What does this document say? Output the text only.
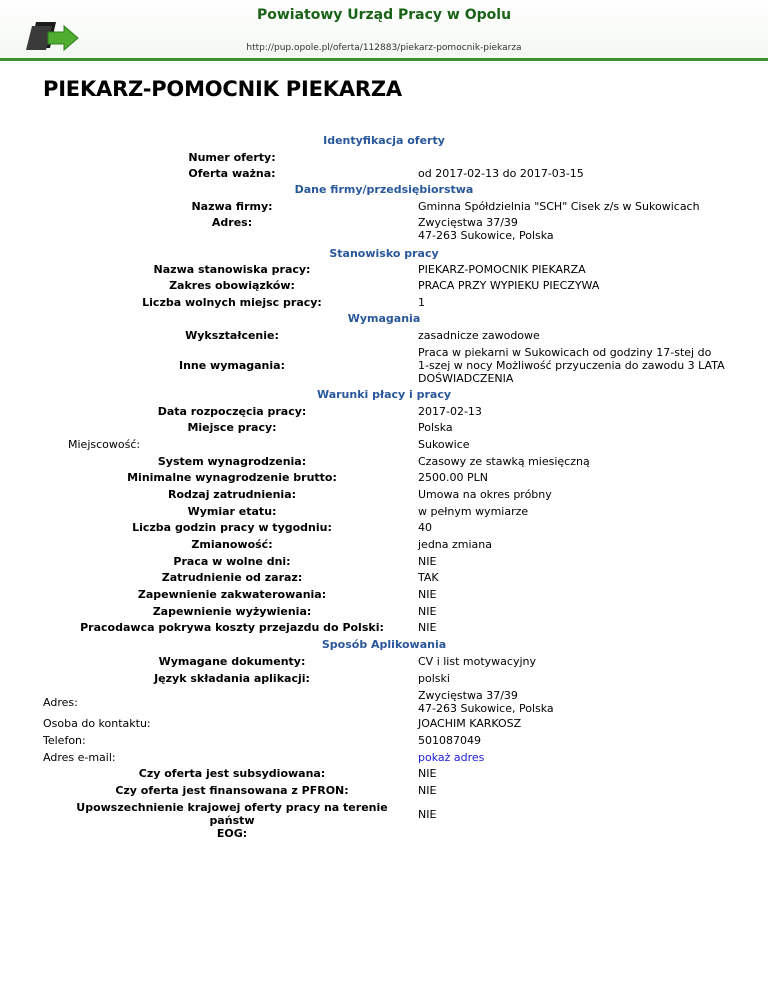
Powiatowy Urząd Pracy w Opolu
http://pup.opole.pl/oferta/112883/piekarz-pomocnik-piekarza
PIEKARZ-POMOCNIK PIEKARZA
Identyfikacja oferty
Numer oferty:
Oferta ważna:	od 2017-02-13 do 2017-03-15
Dane firmy/przedsiębiorstwa
Nazwa firmy:	Gminna Spółdzielnia "SCH" Cisek z/s w Sukowicach
Adres:	Zwycięstwa 37/39
47-263 Sukowice, Polska
Stanowisko pracy
Nazwa stanowiska pracy:	PIEKARZ-POMOCNIK PIEKARZA
Zakres obowiązków:	PRACA PRZY WYPIEKU PIECZYWA
Liczba wolnych miejsc pracy:	1
Wymagania
Wykształcenie:	zasadnicze zawodowe
Inne wymagania:
Praca w piekarni w Sukowicach od godziny 17-stej do
1-szej w nocy Możliwość przyuczenia do zawodu 3 LATA
DOŚWIADCZENIA
Warunki płacy i pracy
Data rozpoczęcia pracy:	2017-02-13
Miejsce pracy:	Polska
Miejscowość:	Sukowice
System wynagrodzenia:	Czasowy ze stawką miesięczną
Minimalne wynagrodzenie brutto:	2500.00 PLN
Rodzaj zatrudnienia:	Umowa na okres próbny
Wymiar etatu:	w pełnym wymiarze
Liczba godzin pracy w tygodniu:	40
Zmianowość:	jedna zmiana
Praca w wolne dni:	NIE
Zatrudnienie od zaraz:	TAK
Zapewnienie zakwaterowania:	NIE
Zapewnienie wyżywienia:	NIE
Pracodawca pokrywa koszty przejazdu do Polski:	NIE
Sposób Aplikowania
Wymagane dokumenty:	CV i list motywacyjny
Język składania aplikacji:	polski
Adres:
Zwycięstwa 37/39
47-263 Sukowice, Polska
Osoba do kontaktu:	JOACHIM KARKOSZ
Telefon:	501087049
Adres e-mail:	pokaż adres
Czy oferta jest subsydiowana:	NIE
Czy oferta jest finansowana z PFRON:	NIE
Upowszechnienie krajowej oferty pracy na terenie państw
EOG:
NIE
